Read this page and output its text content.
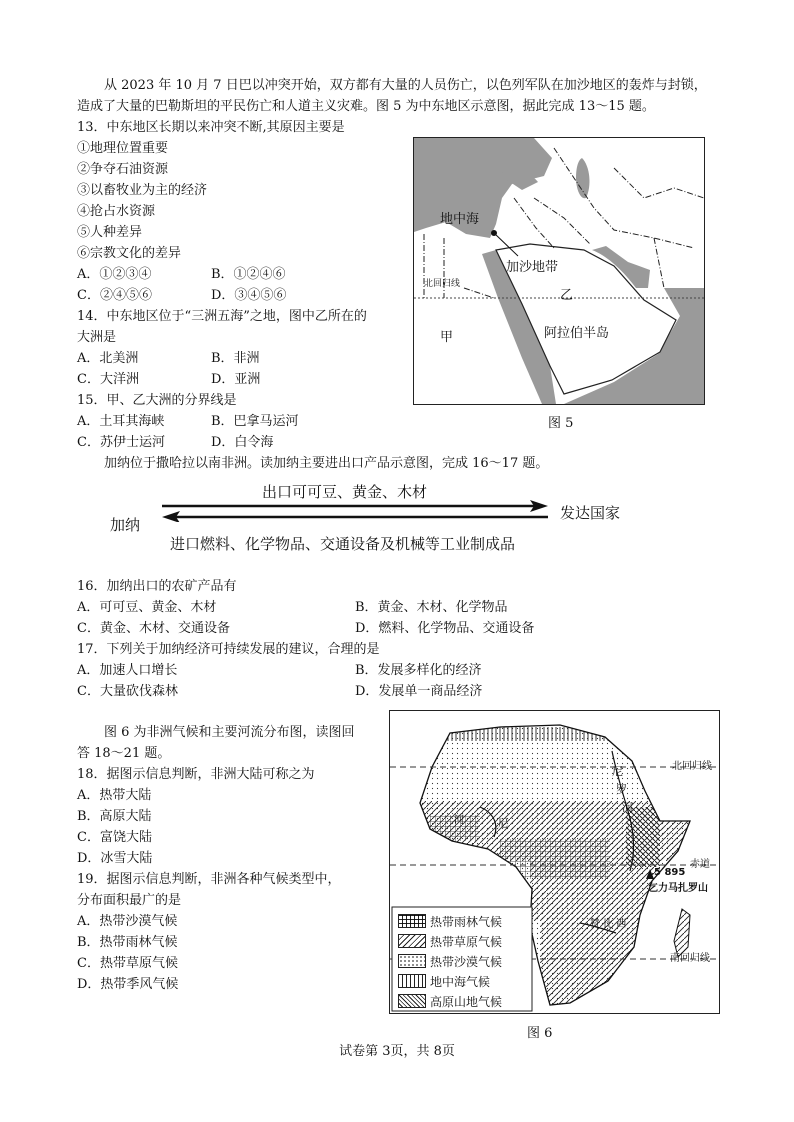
从 2023 年 10 月 7 日巴以冲突开始，双方都有大量的人员伤亡，以色列军队在加沙地区的轰炸与封锁，
造成了大量的巴勒斯坦的平民伤亡和人道主义灾难。图 5 为中东地区示意图，据此完成 13～15 题。
13．中东地区长期以来冲突不断,其原因主要是
①地理位置重要
②争夺石油资源
③以畜牧业为主的经济
④抢占水资源
⑤人种差异
⑥宗教文化的差异
A．①②③④	B．①②④⑥
C．②④⑤⑥	D．③④⑤⑥
14．中东地区位于“三洲五海”之地，图中乙所在的
大洲是
A．北美洲	B．非洲
C．大洋洲	D．亚洲
15．甲、乙大洲的分界线是
A．土耳其海峡	B．巴拿马运河
C．苏伊士运河	D．白令海
地中海
加沙地带
北回归线
乙
甲	阿拉伯半岛
图 5
加纳位于撒哈拉以南非洲。读加纳主要进出口产品示意图，完成 16～17 题。
出口可可豆、黄金、木材
加纳
发达国家
进口燃料、化学物品、交通设备及机械等工业制成品
16．加纳出口的农矿产品有
A．可可豆、黄金、木材	B．黄金、木材、化学物品
C．黄金、木材、交通设备	D．燃料、化学物品、交通设备
17．下列关于加纳经济可持续发展的建议，合理的是
A．加速人口增长	B．发展多样化的经济
C．大量砍伐森林	D．发展单一商品经济
图 6 为非洲气候和主要河流分布图，读图回
答 18～21 题。
18．据图示信息判断，非洲大陆可称之为
A．热带大陆
B．高原大陆
C．富饶大陆
D．冰雪大陆
19．据图示信息判断，非洲各种气候类型中，
分布面积最广的是
A．热带沙漠气候
B．热带雨林气候
C．热带草原气候
D．热带季风气候
北回归线
赤道
南回归线
5 895
乞力马扎罗山
尼
罗
河
河	尼
赞 比 西
热带雨林气候
热带草原气候
热带沙漠气候
地中海气候
高原山地气候
图 6
试卷第 3页，共 8页
